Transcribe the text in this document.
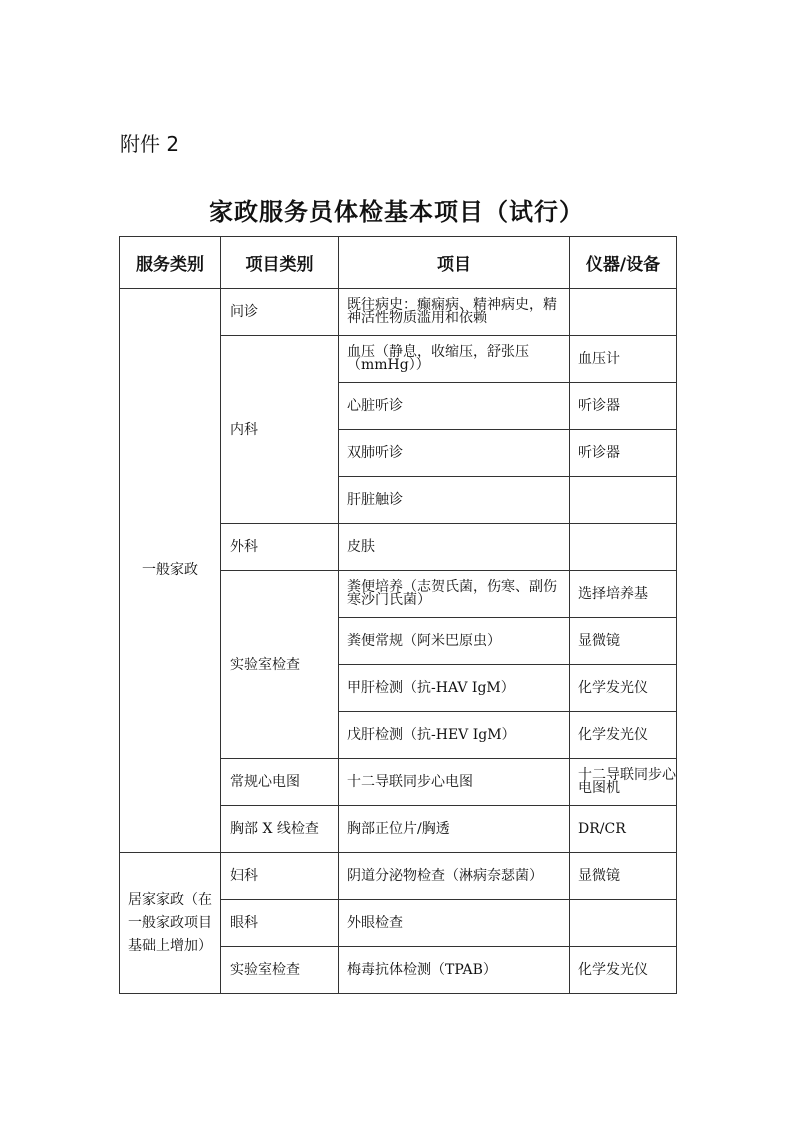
附件 2
家政服务员体检基本项目（试行）
服务类别	项目类别	项目	仪器/设备
一般家政	问诊	既往病史：癫痫病、精神病史，精神活性物质滥用和依赖	
	内科	血压（静息，收缩压，舒张压（mmHg））	血压计
		心脏听诊	听诊器
		双肺听诊	听诊器
		肝脏触诊	
	外科	皮肤	
	实验室检查	粪便培养（志贺氏菌，伤寒、副伤寒沙门氏菌）	选择培养基
		粪便常规（阿米巴原虫）	显微镜
		甲肝检测（抗-HAV IgM）	化学发光仪
		戊肝检测（抗-HEV IgM）	化学发光仪
	常规心电图	十二导联同步心电图	十二导联同步心电图机
	胸部 X 线检查	胸部正位片/胸透	DR/CR
居家家政（在一般家政项目基础上增加）	妇科	阴道分泌物检查（淋病奈瑟菌）	显微镜
	眼科	外眼检查	
	实验室检查	梅毒抗体检测（TPAB）	化学发光仪
